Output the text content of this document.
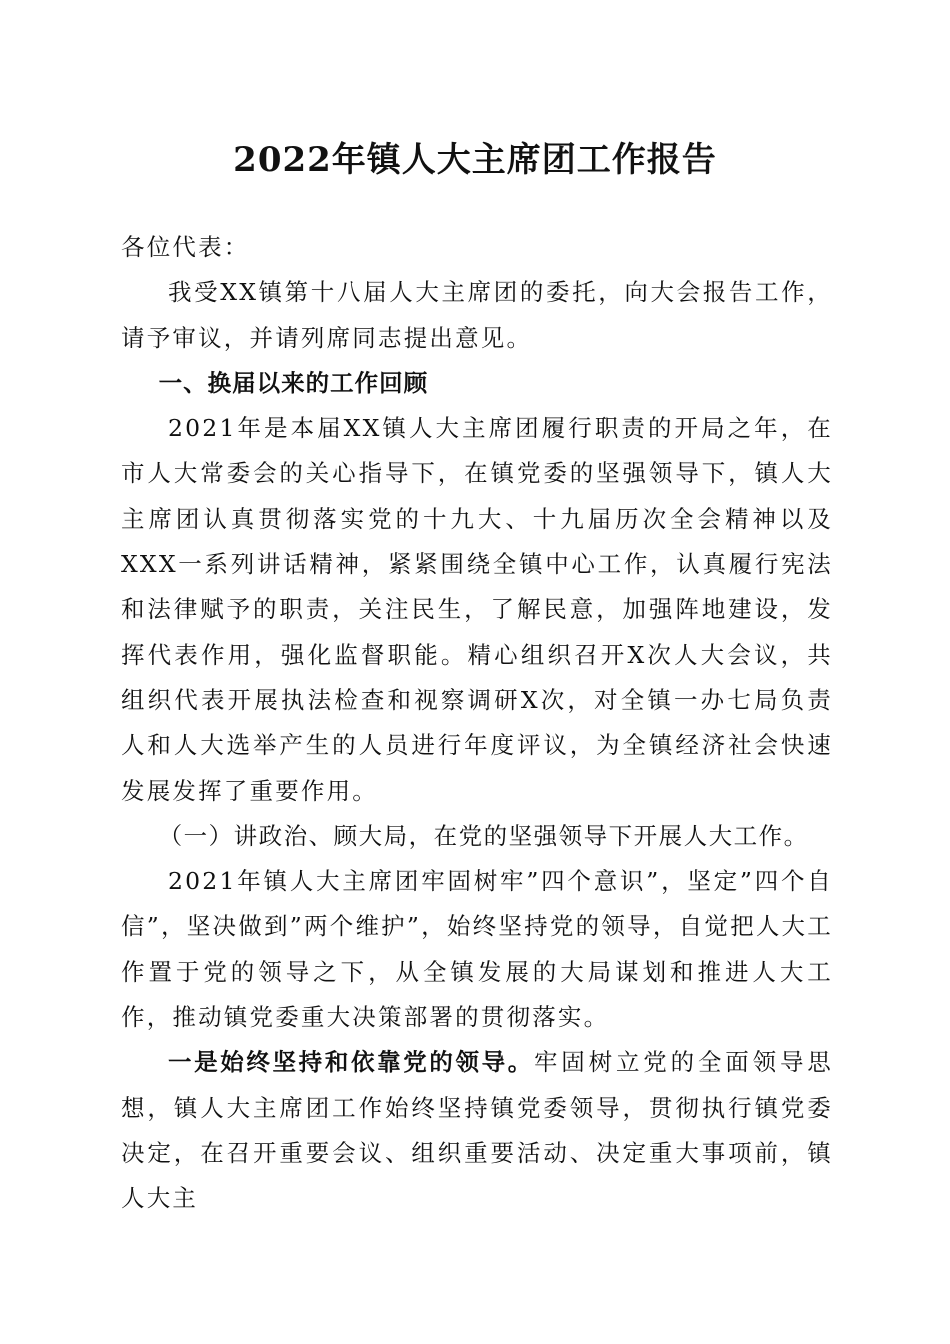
2022年镇人大主席团工作报告

各位代表：

我受XX镇第十八届人大主席团的委托，向大会报告工作，请予审议，并请列席同志提出意见。

一、换届以来的工作回顾

2021年是本届XX镇人大主席团履行职责的开局之年，在市人大常委会的关心指导下，在镇党委的坚强领导下，镇人大主席团认真贯彻落实党的十九大、十九届历次全会精神以及XXX一系列讲话精神，紧紧围绕全镇中心工作，认真履行宪法和法律赋予的职责，关注民生，了解民意，加强阵地建设，发挥代表作用，强化监督职能。精心组织召开X次人大会议，共组织代表开展执法检查和视察调研X次，对全镇一办七局负责人和人大选举产生的人员进行年度评议，为全镇经济社会快速发展发挥了重要作用。

（一）讲政治、顾大局，在党的坚强领导下开展人大工作。

2021年镇人大主席团牢固树牢”四个意识”，坚定”四个自信”，坚决做到”两个维护”，始终坚持党的领导，自觉把人大工作置于党的领导之下，从全镇发展的大局谋划和推进人大工作，推动镇党委重大决策部署的贯彻落实。

一是始终坚持和依靠党的领导。牢固树立党的全面领导思想，镇人大主席团工作始终坚持镇党委领导，贯彻执行镇党委决定，在召开重要会议、组织重要活动、决定重大事项前，镇人大主
